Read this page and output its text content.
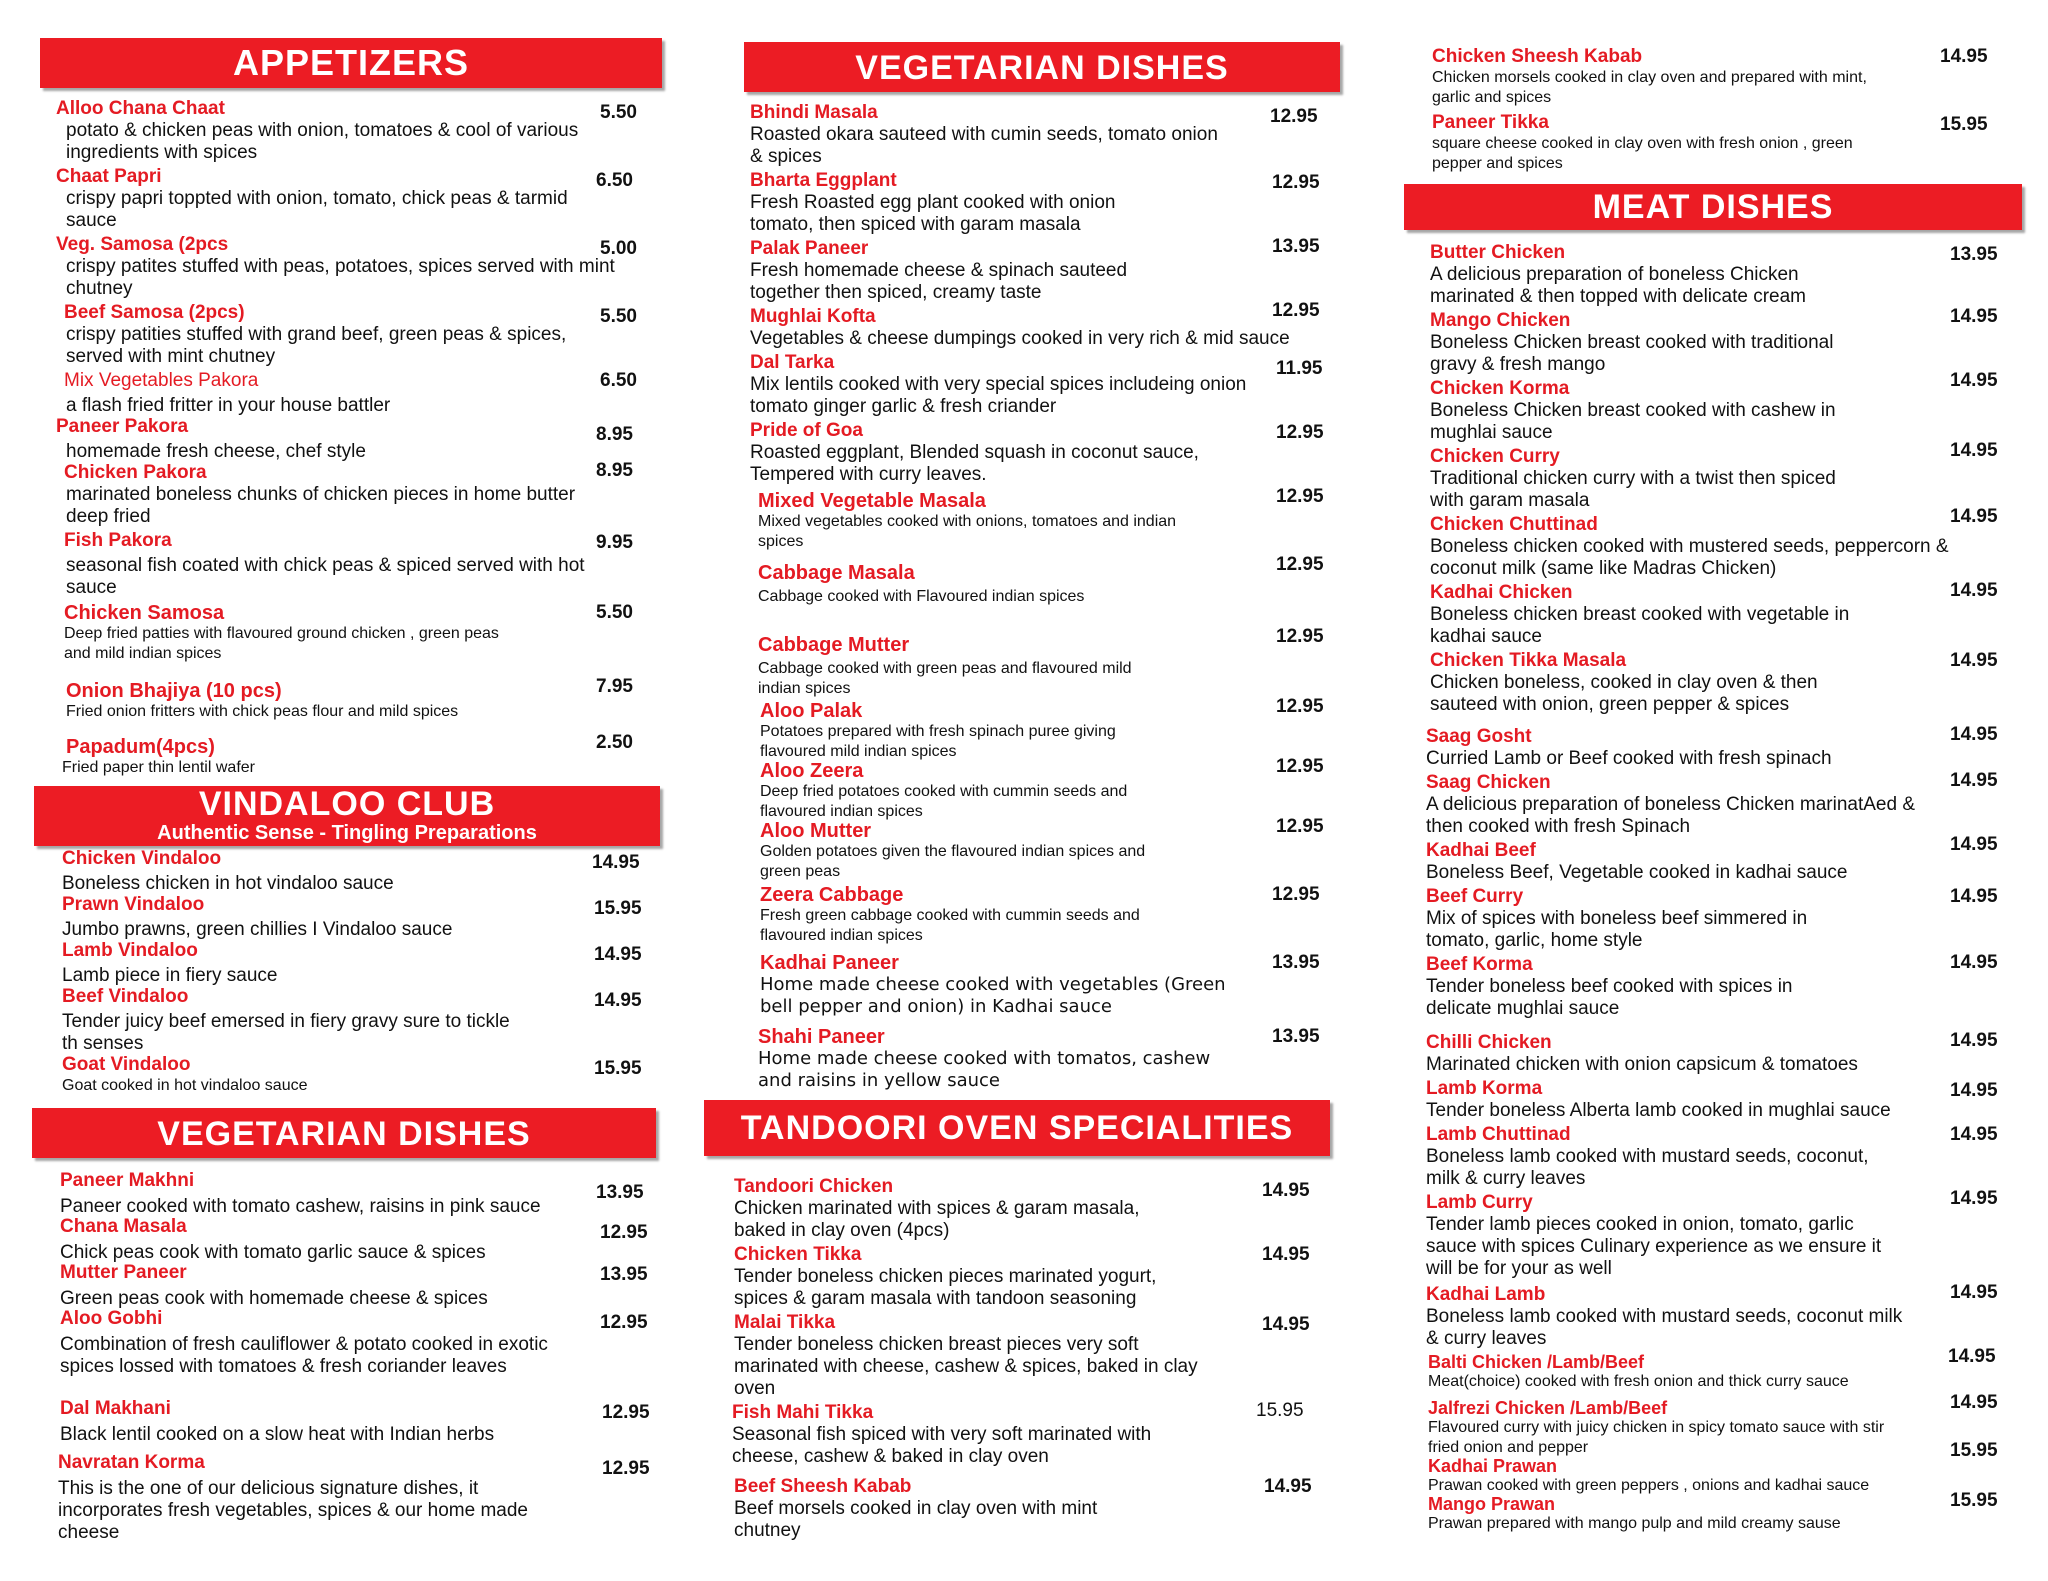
APPETIZERS
Alloo Chana Chaat
potato & chicken peas with onion, tomatoes & cool of various ingredients with spices
5.50
Chaat Papri
crispy papri toppted with onion, tomato, chick peas & tarmid sauce
6.50
Veg. Samosa (2pcs
crispy patites stuffed with peas, potatoes, spices served with mint chutney
5.00
Beef Samosa (2pcs)
crispy patities stuffed with grand beef, green peas & spices, served with mint chutney
5.50
Mix Vegetables Pakora
a flash fried fritter in your house battler
6.50
Paneer Pakora
homemade fresh cheese, chef style
8.95
Chicken Pakora
marinated boneless chunks of chicken pieces in home butter deep fried
8.95
Fish Pakora
seasonal fish coated with chick peas & spiced served with hot sauce
9.95
Chicken Samosa
Deep fried patties with flavoured ground chicken , green peas and mild indian spices
5.50
Onion Bhajiya (10 pcs)
Fried onion fritters with chick peas flour and mild spices
7.95
Papadum(4pcs)
Fried paper thin lentil wafer
2.50
VINDALOO CLUB
Authentic Sense - Tingling Preparations
Chicken Vindaloo
Boneless chicken in hot vindaloo sauce
14.95
Prawn Vindaloo
Jumbo prawns, green chillies I Vindaloo sauce
15.95
Lamb Vindaloo
Lamb piece in fiery sauce
14.95
Beef Vindaloo
Tender juicy beef emersed in fiery gravy sure to tickle th senses
14.95
Goat Vindaloo
Goat cooked in hot vindaloo sauce
15.95
VEGETARIAN DISHES
Paneer Makhni
Paneer cooked with tomato cashew, raisins in pink sauce
13.95
Chana Masala
Chick peas cook with tomato garlic sauce & spices
12.95
Mutter Paneer
Green peas cook with homemade cheese & spices
13.95
Aloo Gobhi
Combination of fresh cauliflower & potato cooked in exotic spices lossed with tomatoes & fresh coriander leaves
12.95
Dal Makhani
Black lentil cooked on a slow heat with Indian herbs
12.95
Navratan Korma
This is the one of our delicious signature dishes, it incorporates fresh vegetables, spices & our home made cheese
12.95
VEGETARIAN DISHES
Bhindi Masala
Roasted okara sauteed with cumin seeds, tomato onion & spices
12.95
Bharta Eggplant
Fresh Roasted egg plant cooked with onion tomato, then spiced with garam masala
12.95
Palak Paneer
Fresh homemade cheese & spinach sauteed together then spiced, creamy taste
13.95
Mughlai Kofta
Vegetables & cheese dumpings cooked in very rich & mid sauce
12.95
Dal Tarka
Mix lentils cooked with very special spices includeing onion tomato ginger garlic & fresh criander
11.95
Pride of Goa
Roasted eggplant, Blended squash in coconut sauce, Tempered with curry leaves.
12.95
Mixed Vegetable Masala
Mixed vegetables cooked with onions, tomatoes and indian spices
12.95
Cabbage Masala
Cabbage cooked with Flavoured indian spices
12.95
Cabbage Mutter
Cabbage cooked with green peas and flavoured mild indian spices
12.95
Aloo Palak
Potatoes prepared with fresh spinach puree giving flavoured mild indian spices
12.95
Aloo Zeera
Deep fried potatoes cooked with cummin seeds and flavoured indian spices
12.95
Aloo Mutter
Golden potatoes given the flavoured indian spices and green peas
12.95
Zeera Cabbage
Fresh green cabbage cooked with cummin seeds and flavoured indian spices
12.95
Kadhai Paneer
Home made cheese cooked with vegetables (Green bell pepper and onion) in Kadhai sauce
13.95
Shahi Paneer
Home made cheese cooked with tomatos, cashew and raisins in yellow sauce
13.95
TANDOORI OVEN SPECIALITIES
Tandoori Chicken
Chicken marinated with spices & garam masala, baked in clay oven (4pcs)
14.95
Chicken Tikka
Tender boneless chicken pieces marinated yogurt, spices & garam masala with tandoon seasoning
14.95
Malai Tikka
Tender boneless chicken breast pieces very soft marinated with cheese, cashew & spices, baked in clay oven
14.95
Fish Mahi Tikka
Seasonal fish spiced with very soft marinated with cheese, cashew & baked in clay oven
15.95
Beef Sheesh Kabab
Beef morsels cooked in clay oven with mint chutney
14.95
Chicken Sheesh Kabab
Chicken morsels cooked in clay oven and prepared with mint, garlic and spices
14.95
Paneer Tikka
square cheese cooked in clay oven with fresh onion , green pepper and spices
15.95
MEAT DISHES
Butter Chicken
A delicious preparation of boneless Chicken marinated & then topped with delicate cream
13.95
Mango Chicken
Boneless Chicken breast cooked with traditional gravy & fresh mango
14.95
Chicken Korma
Boneless Chicken breast cooked with cashew in mughlai sauce
14.95
Chicken Curry
Traditional chicken curry with a twist then spiced with garam masala
14.95
Chicken Chuttinad
Boneless chicken cooked with mustered seeds, peppercorn & coconut milk (same like Madras Chicken)
14.95
Kadhai Chicken
Boneless chicken breast cooked with vegetable in kadhai sauce
14.95
Chicken Tikka Masala
Chicken boneless, cooked in clay oven & then sauteed with onion, green pepper & spices
14.95
Saag Gosht
Curried Lamb or Beef cooked with fresh spinach
14.95
Saag Chicken
A delicious preparation of boneless Chicken marinatAed & then cooked with fresh Spinach
14.95
Kadhai Beef
Boneless Beef, Vegetable cooked in kadhai sauce
14.95
Beef Curry
Mix of spices with boneless beef simmered in tomato, garlic, home style
14.95
Beef Korma
Tender boneless beef cooked with spices in delicate mughlai sauce
14.95
Chilli Chicken
Marinated chicken with onion capsicum & tomatoes
14.95
Lamb Korma
Tender boneless Alberta lamb cooked in mughlai sauce
14.95
Lamb Chuttinad
Boneless lamb cooked with mustard seeds, coconut, milk & curry leaves
14.95
Lamb Curry
Tender lamb pieces cooked in onion, tomato, garlic sauce with spices Culinary experience as we ensure it will be for your as well
14.95
Kadhai Lamb
Boneless lamb cooked with mustard seeds, coconut milk & curry leaves
14.95
Balti Chicken /Lamb/Beef
Meat(choice) cooked with fresh onion and thick curry sauce
14.95
Jalfrezi Chicken /Lamb/Beef
Flavoured curry with juicy chicken in spicy tomato sauce with stir fried onion and pepper
14.95
Kadhai Prawan
Prawan cooked with green peppers , onions and kadhai sauce
15.95
Mango Prawan
Prawan prepared with mango pulp and mild creamy sause
15.95
